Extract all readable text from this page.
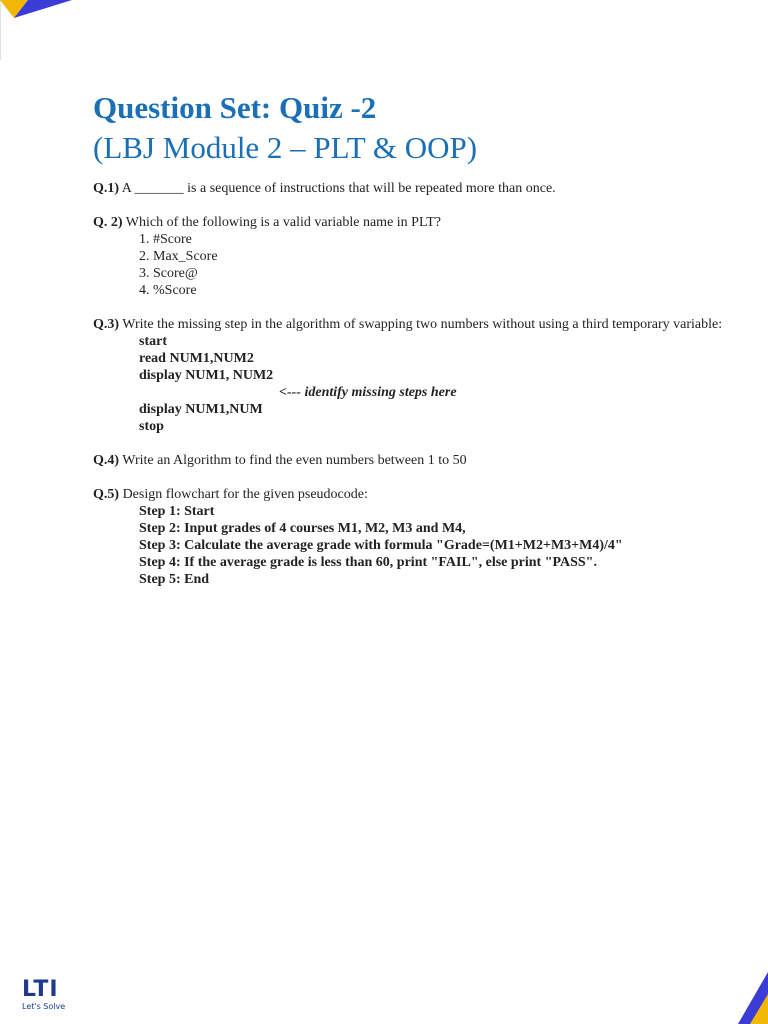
Question Set: Quiz -2
(LBJ Module 2 – PLT & OOP)

Q.1) A _______ is a sequence of instructions that will be repeated more than once.

Q. 2) Which of the following is a valid variable name in PLT?
1. #Score
2. Max_Score
3. Score@
4. %Score
Q.3) Write the missing step in the algorithm of swapping two numbers without using a third temporary variable:
start
read NUM1,NUM2
display NUM1, NUM2
<--- identify missing steps here
display NUM1,NUM
stop

Q.4) Write an Algorithm to find the even numbers between 1 to 50

Q.5) Design flowchart for the given pseudocode:
Step 1: Start
Step 2: Input grades of 4 courses M1, M2, M3 and M4,
Step 3: Calculate the average grade with formula "Grade=(M1+M2+M3+M4)/4"
Step 4: If the average grade is less than 60, print "FAIL", else print "PASS".
Step 5: End
LTI
Let's Solve
